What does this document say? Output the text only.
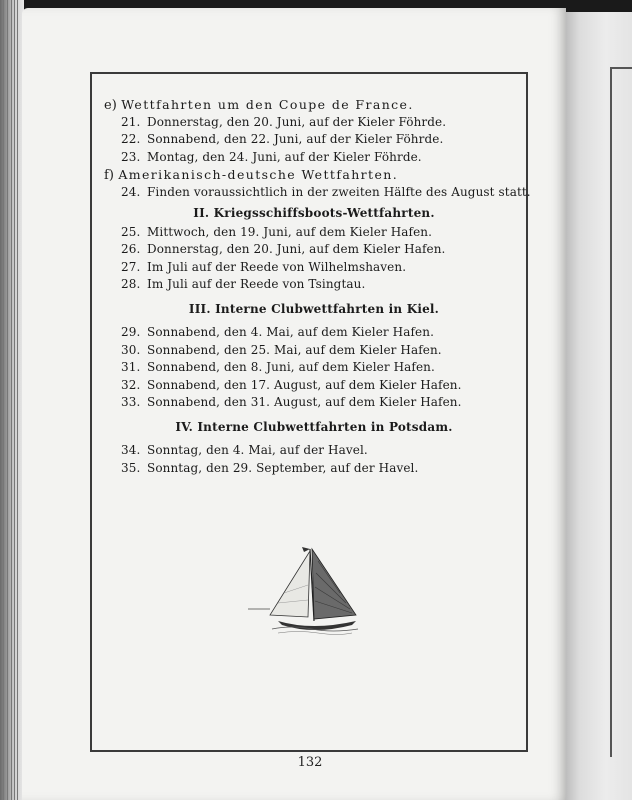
e) Wettfahrten um den Coupe de France.
21. Donnerstag, den 20. Juni, auf der Kieler Föhrde.
22. Sonnabend, den 22. Juni, auf der Kieler Föhrde.
23. Montag, den 24. Juni, auf der Kieler Föhrde.
f) Amerikanisch-deutsche Wettfahrten.
24. Finden voraussichtlich in der zweiten Hälfte des August statt.
II. Kriegsschiffsboots-Wettfahrten.
25. Mittwoch, den 19. Juni, auf dem Kieler Hafen.
26. Donnerstag, den 20. Juni, auf dem Kieler Hafen.
27. Im Juli auf der Reede von Wilhelmshaven.
28. Im Juli auf der Reede von Tsingtau.
III. Interne Clubwettfahrten in Kiel.
29. Sonnabend, den 4. Mai, auf dem Kieler Hafen.
30. Sonnabend, den 25. Mai, auf dem Kieler Hafen.
31. Sonnabend, den 8. Juni, auf dem Kieler Hafen.
32. Sonnabend, den 17. August, auf dem Kieler Hafen.
33. Sonnabend, den 31. August, auf dem Kieler Hafen.
IV. Interne Clubwettfahrten in Potsdam.
34. Sonntag, den 4. Mai, auf der Havel.
35. Sonntag, den 29. September, auf der Havel.
132
